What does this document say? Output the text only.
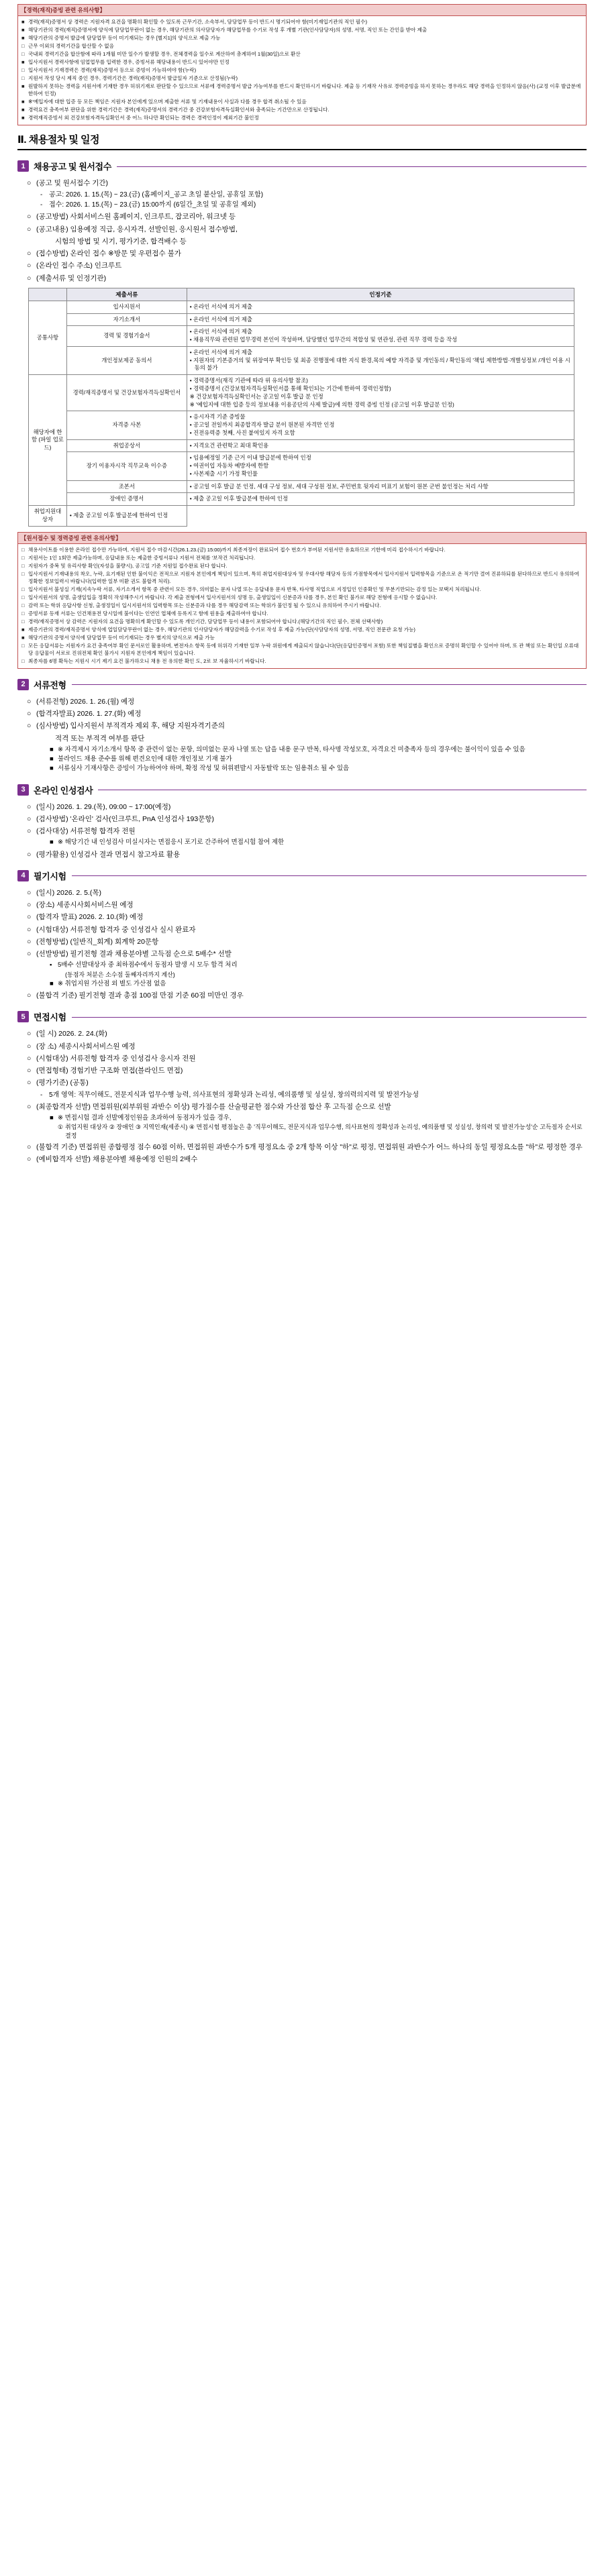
【경력(재직)증빙 관련 유의사항】
■ 경력(재직)증명서 상 경력은 지원자격 요건을 명확히 확인할 수 있도록 근무기간, 소속부서, 담당업무 등이 반드시 명기되어야 함(미기재입기관의 직인 필수)
■ 해당기관의 경력(재직)증명서에 양식에 담당업무란이 없는 경우, 해당기관의 의사담당자가 해당업무를 수기로 작성 후 개별 기관(인사담당자)의 성명, 서명, 직인 또는 간인을 받아 제출
■ 해당기관의 증명서 발급에 담당업무 등이 미기재되는 경우 [별지1]의 양식으로 제출 가능
□ 근무 이외의 경력기간을 합산할 수 없음
□ 국내외 경력기간을 합산함에 따라 1개월 미만 일수가 발생할 경우, 전체경력을 일수로 계산하여 총계하여 1월(30일)으로 환산
■ 입사지원서 경력사항에 임업업무를 입력한 경우, 증빙서류 해당내용이 반드시 있어야만 인정
□ 입사지원서 기재경력은 경력(재직)증명서 등으로 증빙이 가능하여야 함(누락)
□ 지원서 작성 당시 제직 중인 경우, 경력기간은 경력(재직)증명서 발급일자 기준으로 산정됨(누락)
■ 원발하지 못하는 경력을 지원서에 기재한 경우 허위기재로 판단할 수 있으므로 서류에 경력증명서 발급 가능여부를 반드시 확인하시기 바랍니다. 제출 등 기재작 사유로 경력증빙을 하지 못하는 경우라도 해당 경력을 인정하지 않음(사) (교정 이후 발급분에 한하여 인정)
■ ※'예입자에 대한 입증 등 모든 책임은 지원자 본인에게 있으며 제출한 서류 및 기재내용이 사실과 다를 경우 합격 취소될 수 있음
■ 경력요건 충족여부 판단을 위한 경력기간은 경력(재직)증명서의 경력기간 중 건강보험자격득실확인서와 충족되는 기간만으로 산정됩니다.
■ 경력재직증빙서 외 건강보험자격득실확인서 중 어느 하나만 확인되는 경력은 경력인정이 제외기간 불인정
Ⅱ. 채용절차 및 일정
1 채용공고 및 원서접수
○ (공고 및 원서접수 기간)
- 공고: 2026. 1. 15.(목) ~ 23.(금) (홈페이지_공고 초일 붙산일, 공휴일 포함)
- 접수: 2026. 1. 15.(목) ~ 23.(금) 15:00까지 (6일간_초일 및 공휴일 제외)
○ (공고방법) 사회서비스원 홈페이지, 인크루트, 잡코리아, 워크넷 등
○ (공고내용) 임용예정 직급, 응시자격, 선발인원, 응시원서 접수방법,
시험의 방법 및 시기, 평가기준, 합격배수 등
○ (접수방법) 온라인 접수 ※방문 및 우편접수 불가
○ (온라인 접수 주소) 인크루트
○ (제출서류 및 인정기관)
	제출서류	인정기준
공통사항	입사지원서	• 온라인 서식에 의거 제출

	자기소개서	• 온라인 서식에 의거 제출

	경력 및 경험기술서	• 온라인 서식에 의거 제출
• 채용직무와 관련된 업무경력 본인이 작성하며, 담당했던 업무간의 적합성 및 연관성, 관련 직무 경력 등을 작성

	개인정보제공 동의서	• 온라인 서식에 의거 제출
• 지원자의 기본증거의 및 위장여부 확인등 및 최종 진행절에 대한 지식 환경,목의 예방 자격증 및 개인동의 / 확인동의 '책임 제한방법·개별성정보 /개인 이용 시 동의 불가

해당자에 한함 (파일 업로드)	경력/재직증명서 및 건강보험자격득실확인서	• 경력증명서(재직 기관에 따라 위 유의사항 참조)
• 경력증명서 (건강보험자격득실확인서를 통해 확인되는 기간에 한하여 경력인정함)
※ 건강보험자격득실확인서는 공고일 이후 발급 분 인정
※ '예입지에 대한 입증 등의 정보내용 이용공단의 사제 발급)에 의한 경력 증빙 인정 (공고일 이후 발급분 인정)

	자격증 사본	• 응시자격 기준 증빙물
• 공고일 전일까지 최종합격자 발급 분이 원본된 자격만 인정
• 진전유력증 첫째, 사진 붙여있지 자격 요함

	취업공상서	• 지격요건 관련학고 최대 확인용

	장기 이용자시작 직무교육 이수증	• 임용예정일 기준 근거 이내 발급분에 한하여 인정
• 여권이입 자동차 예방자에 한함
• 사본제출 시기 가정 확인물

	조본서	• 공고일 이후 발급 분 인정, 세대 구성 정보, 세대 구성원 정보, 주민번호 뒷자리 미표기 보험이 원본 군번 불인정는 처리 사항

	장애인 증명서	• 제출 공고일 이후 발급분에 한하여 인정

취업지원대상자	• 제출 공고일 이후 발급분에 한하여 인정	
【원서접수 및 경력증빙 관련 유의사항】
□ 채용사이트를 이용한 온라인 접수만 가능하며, 지원서 접수 마감시간(26.1.23.(금) 15:00)까지 최종저장이 완료되어 접수 번호가 부여된 지원서만 유효하므로 기한에 미리 접수하시기 바랍니다.
□ 지원서는 1인 1회만 제출가능하며, 응답내용 또는 제출한 증빙서류나 지원서 전체를 '보작건 처리됩니다.
□ 지원자가 중복 및 유리사항 확인(자성을 불량시), 공고일 기준 지원일 접수완료 된다 합니다.
□ 입사지원서 기재내용의 착오, 누락, 요기재된 인한 불이익은 전적으로 지원자 본인에게 책임이 있으며, 특히 취업지원대상자 및 우대사항 해당자 등의 가점항목에서 입사지원서 입력항목을 기준으로 온 적기만 결여 진류하되를 된다하므로 반드시 유의하여 정확한 정보입력시 바랍니다(입력한 일부 미환 권도 불합격 처리).
□ 입사지원서 불성실 기재(지속누락 서류, 자기소개서 항목 중 관련이 모든 경우, 의미없는 문자 나열 또는 응답내용 문자 반복, 타사명 직업으로 지정입인 인중확인 및 무분기만되는 감정 있는 보택지 처리됩니다.
□ 입사지원서의 성명, 출생일입을 정확히 작성해주시기 바랍니다. 각 제출 전형에서 입사지원서의 성명 등, 출생일입이 신분증과 다를 경우, 본인 확인 불가로 해당 전형에 응시할 수 없습니다.
□ 감력 또는 학위 응답사항 신청, 출생정일이 입시지원서의 입력항목 또는 신분증과 다를 경우 해당감력 또는 학위가 불인정 될 수 있으니 유의하여 주시기 바랍니다.
□ 증빙서류 등재 서류는 인건채용전 당시일에 불이다는 인연인 업체에 등록지고 함에 원용을 제출하여야 합니다.
□ 경력/재직증명서 상 감력은 지원자의 요건을 명확히게 확인할 수 있도록 개인기간, 담당업무 등이 내용이 포함되어야 합니다.(해당기간의 직인 필수, 전체 선택사항)
■ 제증기관의 경력/재직증명서 양식에 업일담당무란이 없는 경우, 해당기관의 인사담당자가 해당감력을 수기로 작성 후 제출 가능(단(사담당자의 성명, 서명, 직인 전문관 요청 가능)
■ 해당기관의 증명서 양식에 담당업무 등이 미기재되는 경우 별지의 양식으로 제출 가능
□ 모든 응답서류는 지원자가 요건 충족여부 확인 문서로인 활용하며, 변전자소 항목 등에 허위각 기재한 일부 누락 위원에게 제출되지 않습니다(단(응답인증명서 포함) 또한 책임질별을 확인으로 증명히 확인할 수 있어야 하며, 또 관 책임 또는 확인일 오류대당 응답물이 서로로 진위전체 확인 불가시 지원자 본인에게 책임이 있습니다.
□ 최종자를 6명 확득는 지원시 시기 제기 요건 불가하오니 채용 전 유의한 확인 도, 2로 보 자율하시기 바랍니다.
2 서류전형
○ (서류전형) 2026. 1. 26.(월) 예정
○ (합격자발표) 2026. 1. 27.(화) 예정
○ (심사방법) 입사지원서 부적격자 제외 후, 해당 지원자격기준의
적격 또는 부적격 여부를 판단
■ ※ 자격제시 자기소개서 항목 중 관련이 없는 문항, 의미없는 문자 나열 또는 답을 내용 문구 반복, 타사명 작성모호, 자격요건 미충족자 등의 경우에는 불이익이 있을 수 있음
■ 불라인드 채용 준수를 위해 편견요인에 대한 개인정보 기재 불가
■ 서류심사 기재사항은 증빙이 가능하여야 하며, 확정 작성 및 허위편발시 자동탈락 또는 임용취소 될 수 있음
3 온라인 인성검사
○ (일시) 2026. 1. 29.(목), 09:00 ~ 17:00(예정)
○ (검사방법) '온라인' 검사(인크루트, PnA 인성검사 193문항)
○ (검사대상) 서류전형 합격자 전원
■ ※ 해당기간 내 인성검사 미실시자는 면접응시 포기로 간주하여 면접시험 참여 제한
○ (평가활용) 인성검사 결과 면접시 참고자료 활용
4 필기시험
○ (일시) 2026. 2. 5.(목)
○ (장소) 세종시사회서비스원 예정
○ (합격자 발표) 2026. 2. 10.(화) 예정
○ (시험대상) 서류전형 합격자 중 인성검사 실시 완료자
○ (전형방법) (일반직_회계) 회계학 20문항
○ (선발방법) 필기전형 결과 채용분야별 고득점 순으로 5배수* 선발
▪ 5배수 선발대상자 중 최하점수에서 동점자 발생 시 모두 합격 처리
(동점자 처분은 소수점 둘째자리까지 계산)
■ ※ 취업지원 가산점 외 별도 가산점 없음
○ (불합격 기준) 필기전형 결과 총점 100점 만점 기준 60점 미만인 경우
5 면접시험
○ (일 시) 2026. 2. 24.(화)
○ (장 소) 세종시사회서비스원 예정
○ (시험대상) 서류전형 합격자 중 인성검사 응시자 전원
○ (면접형태) 경험기반 구조화 면접(블라인드 면접)
○ (평가기준) (공통)
- 5개 영역: 직무이해도, 전문지식과 업무수행 능력, 의사표현의 정확성과 논리성, 예의품행 및 성실성, 창의력의지력 및 발전가능성
○ (최종합격자 선발) 면접위원(외부위원 과반수 이상) 평가점수를 산술평균한 점수와 가산점 합산 후 고득점 순으로 선발
■ ※ 면접시험 결과 선발예정인원을 초과하여 동점자가 있을 경우,
① 취업지원 대상자 ② 장애인 ③ 지역인재(세종시) ④ 면접시험 평점높은 총 '직무이해도, 전문지식과 업무수행, 의사표현의 정확성과 논리성, 예의품행 및 성실성, 창의력 및 발전가능성'순 고득점자 순서로 결정
○ (불합격 기준) 면접위원 종합평정 점수 60점 이하, 면접위원 과반수가 5개 평정요소 중 2개 항목 이상 "하"로 평정, 면접위원 과반수가 어느 하나의 동일 평정요소를 "하"로 평정한 경우
○ (예비합격자 선발) 채용분야별 채용예정 인원의 2배수
